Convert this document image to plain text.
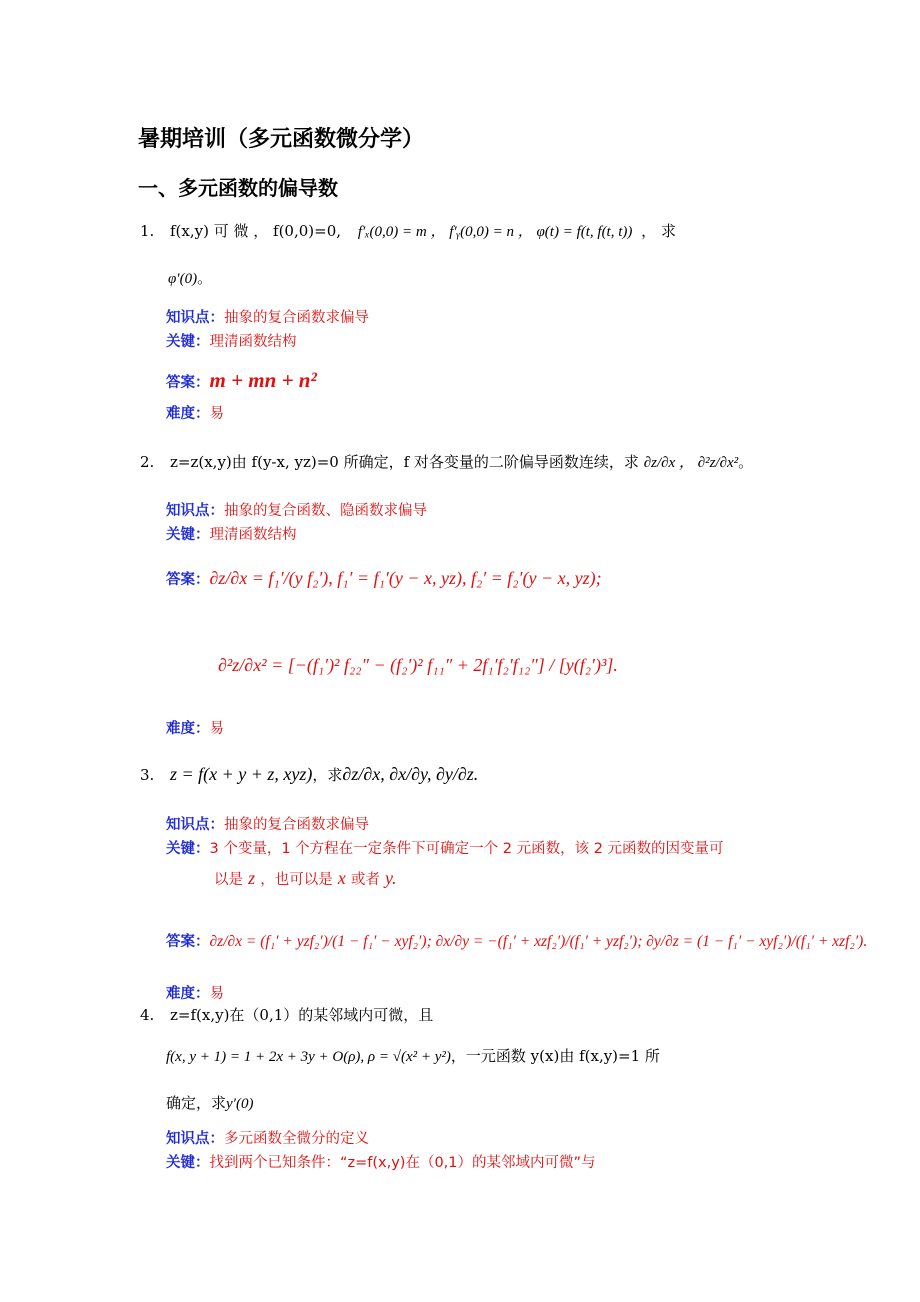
暑期培训（多元函数微分学）
一、多元函数的偏导数
1. f(x,y) 可 微 ， f(0,0)=0, f′ₓ(0,0) = m ， f′ᵧ(0,0) = n ， φ(t) = f(t, f(t, t)) ， 求
φ′(0)。
知识点：抽象的复合函数求偏导
关键：理清函数结构
答案：m + mn + n²
难度：易
2. z=z(x,y)由 f(y-x, yz)=0 所确定，f 对各变量的二阶偏导函数连续，求 ∂z/∂x ， ∂²z/∂x²。
知识点：抽象的复合函数、隐函数求偏导
关键：理清函数结构
答案：∂z/∂x = f₁′/(y f₂′), f₁′ = f₁′(y − x, yz), f₂′ = f₂′(y − x, yz);
∂²z/∂x² = [−(f₁′)² f₂₂″ − (f₂′)² f₁₁″ + 2f₁′f₂′f₁₂″] / [y(f₂′)³].
难度：易
3. z = f(x + y + z, xyz)，求∂z/∂x, ∂x/∂y, ∂y/∂z.
知识点：抽象的复合函数求偏导
关键：3 个变量，1 个方程在一定条件下可确定一个 2 元函数，该 2 元函数的因变量可
以是 z ，也可以是 x 或者 y.
答案：∂z/∂x = (f₁′ + yzf₂′)/(1 − f₁′ − xyf₂′); ∂x/∂y = −(f₁′ + xzf₂′)/(f₁′ + yzf₂′); ∂y/∂z = (1 − f₁′ − xyf₂′)/(f₁′ + xzf₂′).
难度：易
4. z=f(x,y)在（0,1）的某邻域内可微，且
f(x, y + 1) = 1 + 2x + 3y + O(ρ), ρ = √(x² + y²)，一元函数 y(x)由 f(x,y)=1 所
确定，求y′(0)
知识点：多元函数全微分的定义
关键：找到两个已知条件：“z=f(x,y)在（0,1）的某邻域内可微”与
